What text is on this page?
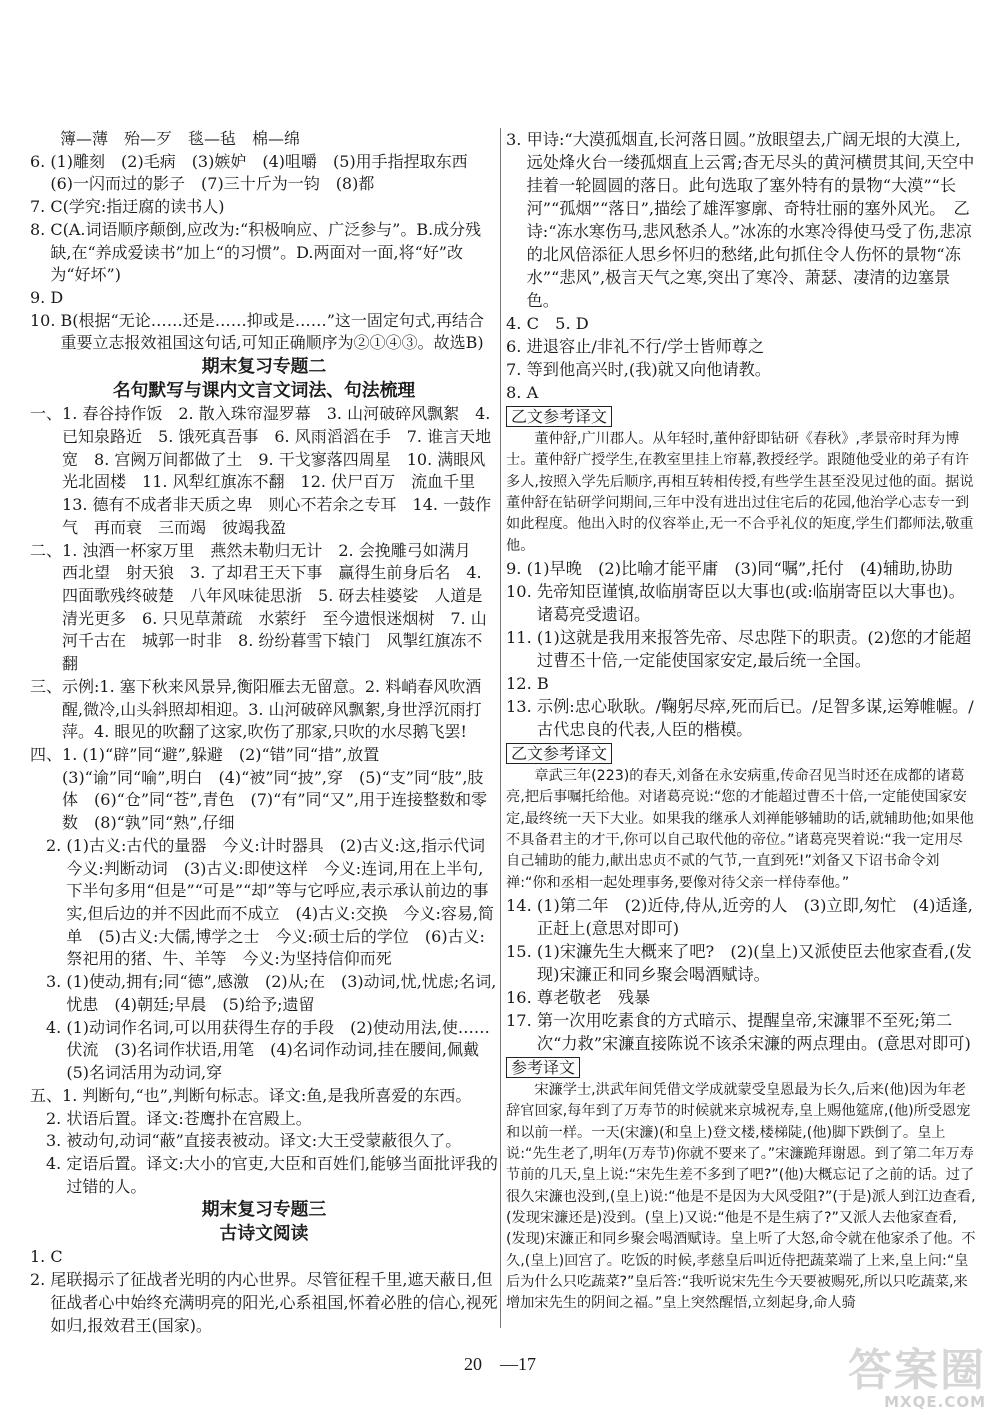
簿—薄　殆—歹　毯—毡　棉—绵
6. (1)雕刻　(2)毛病　(3)嫉妒　(4)咀嚼　(5)用手指捏取东西　(6)一闪而过的影子　(7)三十斤为一钧　(8)都
7. C(学究:指迂腐的读书人)
8. C(A.词语顺序颠倒,应改为:“积极响应、广泛参与”。B.成分残缺,在“养成爱读书”加上“的习惯”。D.两面对一面,将“好”改为“好坏”)
9. D
10. B(根据“无论……还是……抑或是……”这一固定句式,再结合重要立志报效祖国这句话,可知正确顺序为②①④③。故选B)
期末复习专题二
名句默写与课内文言文词法、句法梳理
一、 1. 春谷持作饭　2. 散入珠帘湿罗幕　3. 山河破碎风飘絮　4. 已知泉路近　5. 饿死真吾事　6. 风雨滔滔在手　7. 谁言天地宽　8. 宫阙万间都做了土　9. 干戈寥落四周星　10. 满眼风光北固楼　11. 风犁红旗冻不翻　12. 伏尸百万　流血千里　13. 德有不成者非天质之卑　则心不若余之专耳　14. 一鼓作气　再而衰　三而竭　彼竭我盈
二、 1. 浊酒一杯家万里　燕然未勒归无计　2. 会挽雕弓如满月　西北望　射天狼　3. 了却君王天下事　赢得生前身后名　4. 四面歌残终破楚　八年风味徒思浙　5. 砑去桂婆娑　人道是　清光更多　6. 只见草萧疏　水萦纡　至今遗恨迷烟树　7. 山河千古在　城郭一时非　8. 纷纷暮雪下辕门　风掣红旗冻不翻
三、 示例:1. 塞下秋来风景异,衡阳雁去无留意。2. 料峭春风吹酒醒,微冷,山头斜照却相迎。3. 山河破碎风飘絮,身世浮沉雨打萍。4. 眼见的吹翻了这家,吹伤了那家,只吹的水尽鹅飞罢!
四、 1. (1)“辟”同“避”,躲避　(2)“错”同“措”,放置　(3)“谕”同“喻”,明白　(4)“被”同“披”,穿　(5)“支”同“肢”,肢体　(6)“仓”同“苍”,青色　(7)“有”同“又”,用于连接整数和零数　(8)“孰”同“熟”,仔细
2. (1)古义:古代的量器　今义:计时器具　(2)古义:这,指示代词　今义:判断动词　(3)古义:即使这样　今义:连词,用在上半句,下半句多用“但是”“可是”“却”等与它呼应,表示承认前边的事实,但后边的并不因此而不成立　(4)古义:交换　今义:容易,简单　(5)古义:大儒,博学之士　今义:硕士后的学位　(6)古义:祭祀用的猪、牛、羊等　今义:为坚持信仰而死
3. (1)使动,拥有;同“德”,感激　(2)从;在　(3)动词,忧,忧虑;名词,忧患　(4)朝廷;早晨　(5)给予;遗留
4. (1)动词作名词,可以用获得生存的手段　(2)使动用法,使……伏流　(3)名词作状语,用笔　(4)名词作动词,挂在腰间,佩戴　(5)名词活用为动词,穿
五、 1. 判断句,“也”,判断句标志。译文:鱼,是我所喜爱的东西。
2. 状语后置。译文:苍鹰扑在宫殿上。
3. 被动句,动词“蔽”直接表被动。译文:大王受蒙蔽很久了。
4. 定语后置。译文:大小的官吏,大臣和百姓们,能够当面批评我的过错的人。
期末复习专题三
古诗文阅读
1. C
2. 尾联揭示了征战者光明的内心世界。尽管征程千里,遮天蔽日,但征战者心中始终充满明亮的阳光,心系祖国,怀着必胜的信心,视死如归,报效君王(国家)。
3. 甲诗:“大漠孤烟直,长河落日圆。”放眼望去,广阔无垠的大漠上,远处烽火台一缕孤烟直上云霄;杳无尽头的黄河横贯其间,天空中挂着一轮圆圆的落日。此句选取了塞外特有的景物“大漠”“长河”“孤烟”“落日”,描绘了雄浑寥廓、奇特壮丽的塞外风光。　乙诗:“冻水寒伤马,悲风愁杀人。”冰冻的水寒冷得使马受了伤,悲凉的北风倍添征人思乡怀归的愁绪,此句抓住令人伤怀的景物“冻水”“悲风”,极言天气之寒,突出了寒冷、萧瑟、凄清的边塞景色。
4. C　5. D
6. 进退容止/非礼不行/学士皆师尊之
7. 等到他高兴时,(我)就又向他请教。
8. A
乙文参考译文
董仲舒,广川郡人。从年轻时,董仲舒即钻研《春秋》,孝景帝时拜为博士。董仲舒广授学生,在教室里挂上帘幕,教授经学。跟随他受业的弟子有许多人,按照入学先后顺序,再相互转相传授,有些学生甚至没见过他的面。据说董仲舒在钻研学问期间,三年中没有进出过住宅后的花园,他治学心志专一到如此程度。他出入时的仪容举止,无一不合乎礼仪的矩度,学生们都师法,敬重他。
9. (1)早晚　(2)比喻才能平庸　(3)同“嘱”,托付　(4)辅助,协助
10. 先帝知臣谨慎,故临崩寄臣以大事也(或:临崩寄臣以大事也)。　诸葛亮受遗诏。
11. (1)这就是我用来报答先帝、尽忠陛下的职责。(2)您的才能超过曹丕十倍,一定能使国家安定,最后统一全国。
12. B
13. 示例:忠心耿耿。/鞠躬尽瘁,死而后已。/足智多谋,运筹帷幄。/古代忠良的代表,人臣的楷模。
乙文参考译文
章武三年(223)的春天,刘备在永安病重,传命召见当时还在成都的诸葛亮,把后事嘱托给他。对诸葛亮说:“您的才能超过曹丕十倍,一定能使国家安定,最终统一天下大业。如果我的继承人刘禅能够辅助的话,就辅助他;如果他不具备君主的才干,你可以自己取代他的帝位。”诸葛亮哭着说:“我一定用尽自己辅助的能力,献出忠贞不贰的气节,一直到死!”刘备又下诏书命令刘禅:“你和丞相一起处理事务,要像对待父亲一样侍奉他。”
14. (1)第二年　(2)近侍,侍从,近旁的人　(3)立即,匆忙　(4)适逢,正赶上(意思对即可)
15. (1)宋濂先生大概来了吧?　(2)(皇上)又派使臣去他家查看,(发现)宋濂正和同乡聚会喝酒赋诗。
16. 尊老敬老　残暴
17. 第一次用吃素食的方式暗示、提醒皇帝,宋濂罪不至死;第二次“力救”宋濂直接陈说不该杀宋濂的两点理由。(意思对即可)
参考译文
宋濂学士,洪武年间凭借文学成就蒙受皇恩最为长久,后来(他)因为年老辞官回家,每年到了万寿节的时候就来京城祝寿,皇上赐他筵席,(他)所受恩宠和以前一样。一天(宋濂)(和皇上)登文楼,楼梯陡,(他)脚下跌倒了。皇上说:“先生老了,明年(万寿节)你就不要来了。”宋濂跪拜谢恩。到了第二年万寿节前的几天,皇上说:“宋先生差不多到了吧?”(他)大概忘记了之前的话。过了很久宋濂也没到,(皇上)说:“他是不是因为大风受阻?”(于是)派人到江边查看,(发现宋濂还是)没到。(皇上)又说:“他是不是生病了?”又派人去他家查看,(发现)宋濂正和同乡聚会喝酒赋诗。皇上听了大怒,命令就在他家杀了他。不久,(皇上)回宫了。吃饭的时候,孝慈皇后叫近侍把蔬菜端了上来,皇上问:“皇后为什么只吃蔬菜?”皇后答:“我听说宋先生今天要被赐死,所以只吃蔬菜,来增加宋先生的阴间之福。”皇上突然醒悟,立刻起身,命人骑
20　—17	答案圈
MXQE.COM
